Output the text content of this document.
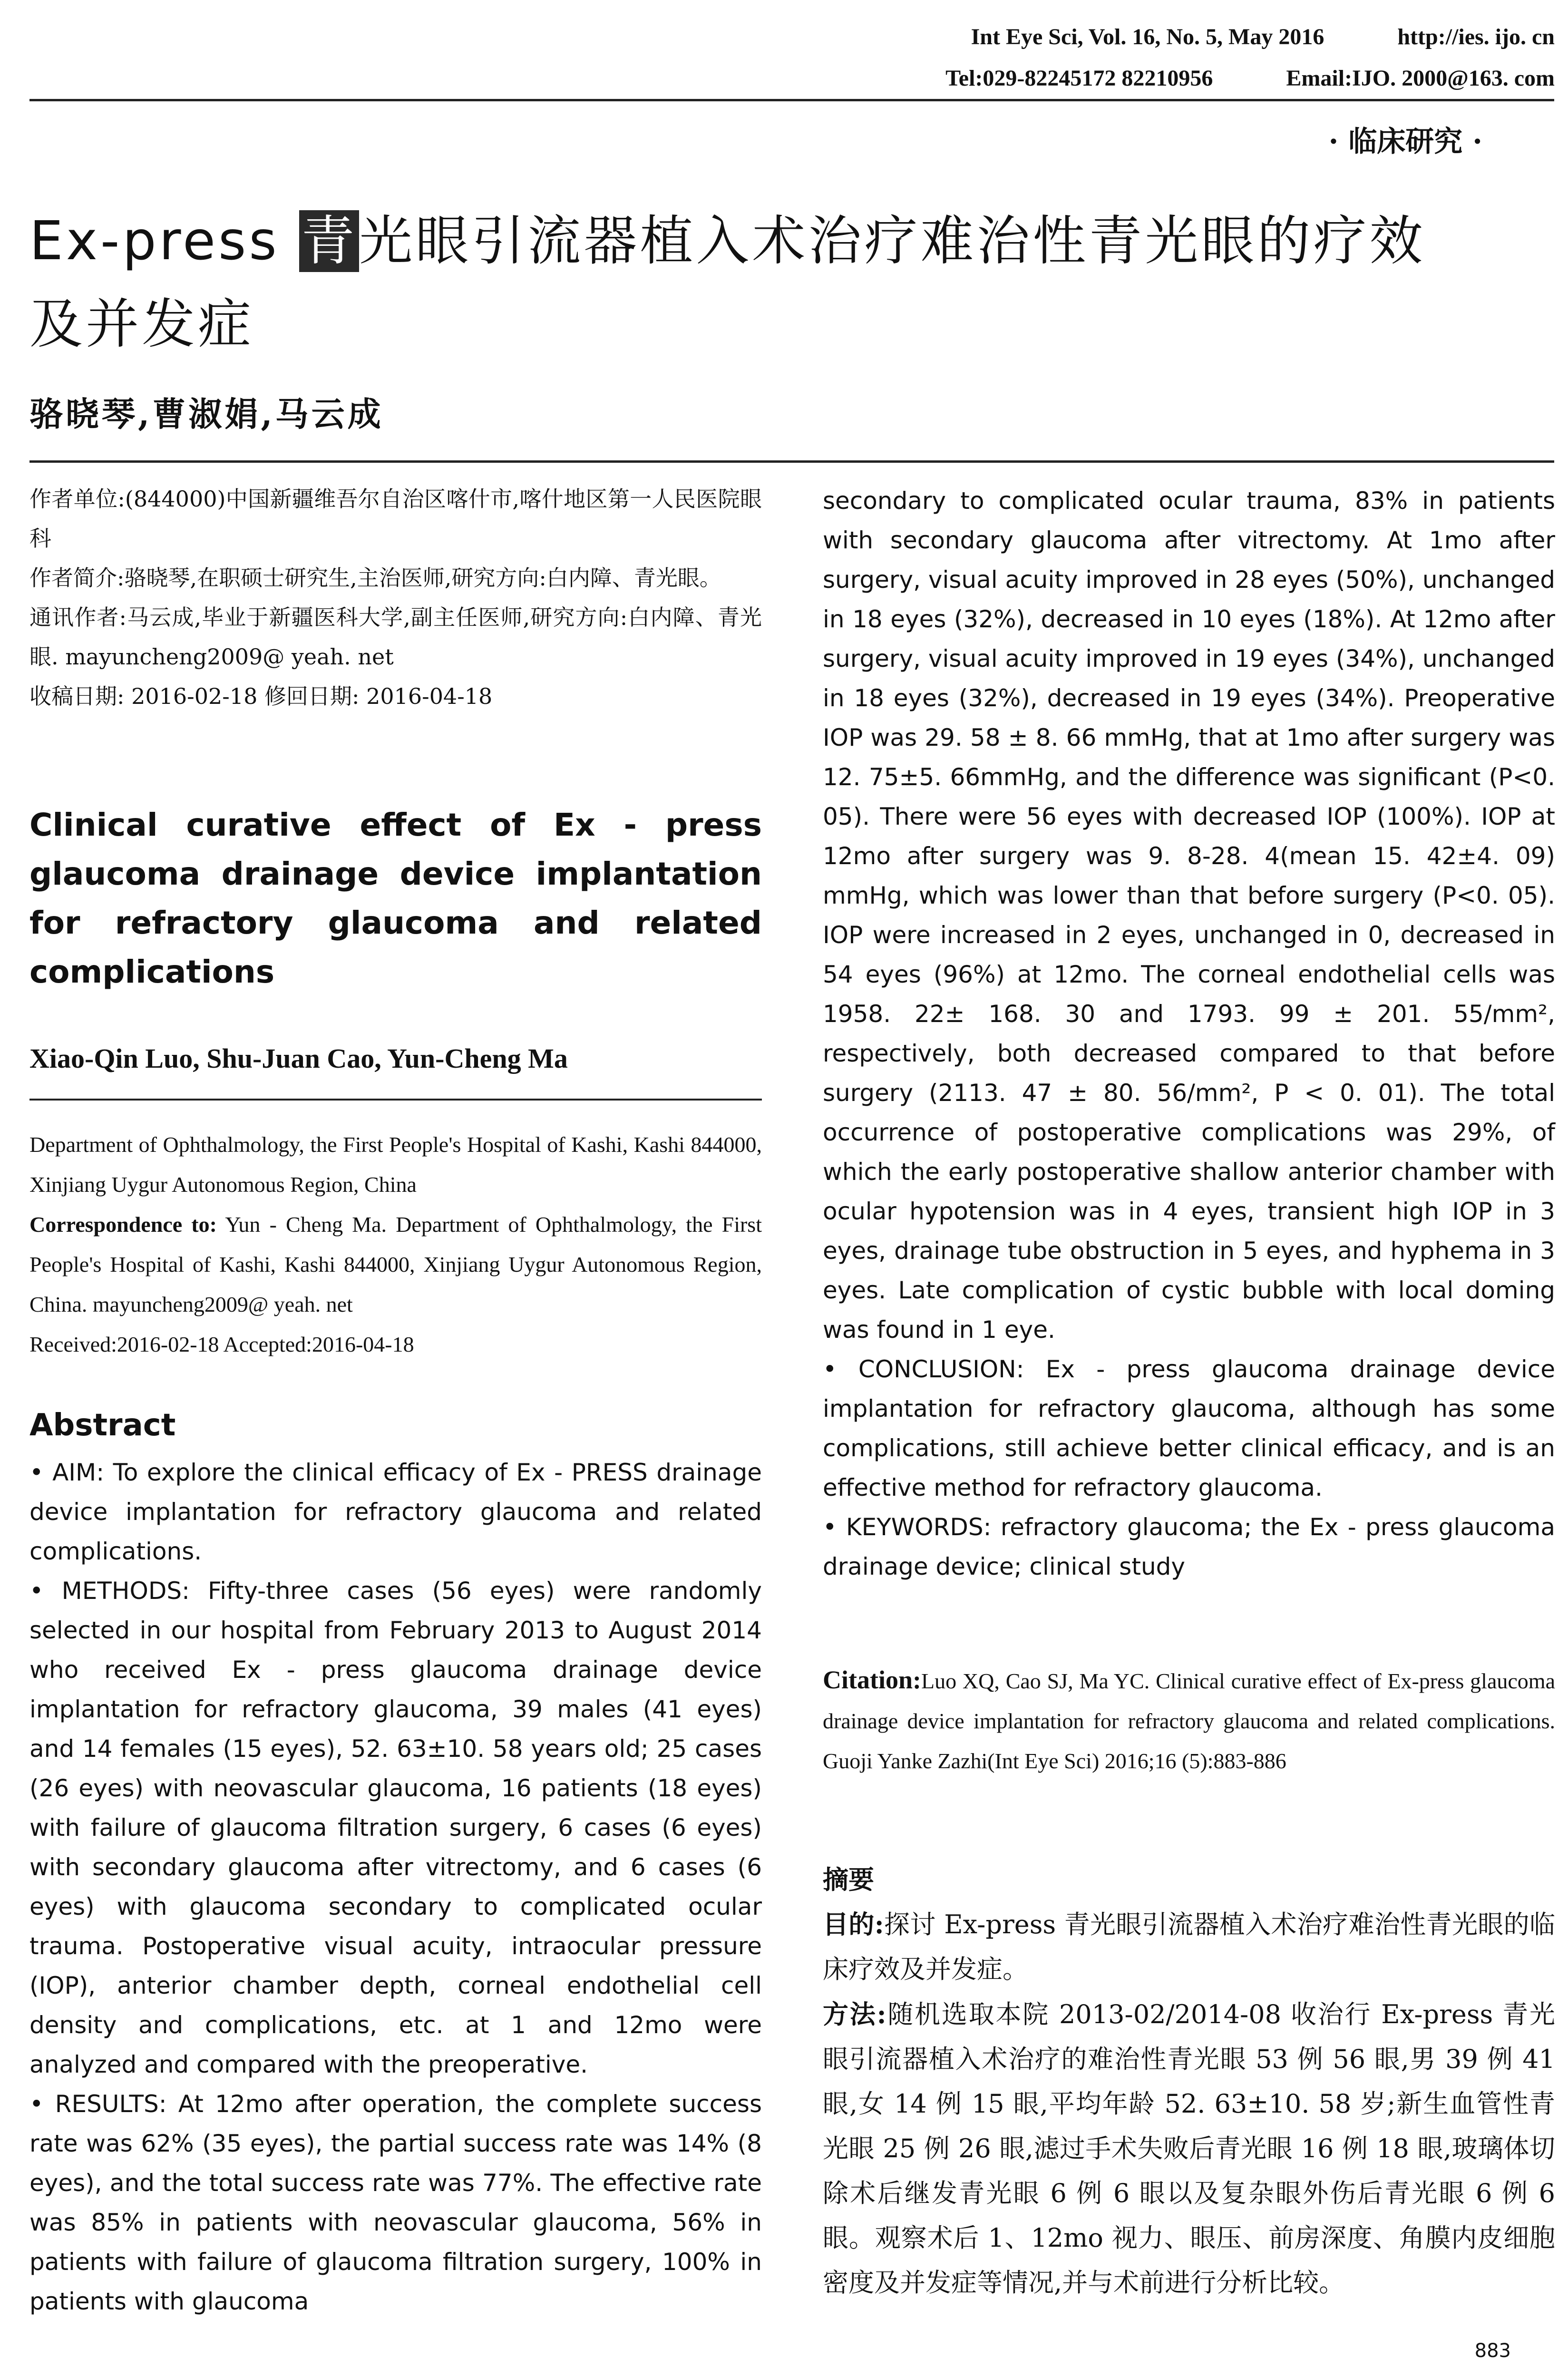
Int Eye Sci, Vol. 16, No. 5, May 2016	http://ies. ijo. cn
Tel:029-82245172 82210956	Email:IJO. 2000@163. com
· 临床研究 ·
Ex-press 青光眼引流器植入术治疗难治性青光眼的疗效
及并发症
骆晓琴,曹淑娟,马云成

作者单位:(844000)中国新疆维吾尔自治区喀什市,喀什地区第一人民医院眼科

作者简介:骆晓琴,在职硕士研究生,主治医师,研究方向:白内障、青光眼。

通讯作者:马云成,毕业于新疆医科大学,副主任医师,研究方向:白内障、青光眼. mayuncheng2009@ yeah. net

收稿日期: 2016-02-18 修回日期: 2016-04-18

Clinical curative effect of Ex - press glaucoma drainage device implantation for refractory glaucoma and related complications
Xiao-Qin Luo, Shu-Juan Cao, Yun-Cheng Ma

Department of Ophthalmology, the First People's Hospital of Kashi, Kashi 844000, Xinjiang Uygur Autonomous Region, China

Correspondence to: Yun - Cheng Ma. Department of Ophthalmology, the First People's Hospital of Kashi, Kashi 844000, Xinjiang Uygur Autonomous Region, China. mayuncheng2009@ yeah. net

Received:2016-02-18 Accepted:2016-04-18

Abstract

• AIM: To explore the clinical efficacy of Ex - PRESS drainage device implantation for refractory glaucoma and related complications.

• METHODS: Fifty-three cases (56 eyes) were randomly selected in our hospital from February 2013 to August 2014 who received Ex - press glaucoma drainage device implantation for refractory glaucoma, 39 males (41 eyes) and 14 females (15 eyes), 52. 63±10. 58 years old; 25 cases (26 eyes) with neovascular glaucoma, 16 patients (18 eyes) with failure of glaucoma filtration surgery, 6 cases (6 eyes) with secondary glaucoma after vitrectomy, and 6 cases (6 eyes) with glaucoma secondary to complicated ocular trauma. Postoperative visual acuity, intraocular pressure (IOP), anterior chamber depth, corneal endothelial cell density and complications, etc. at 1 and 12mo were analyzed and compared with the preoperative.

• RESULTS: At 12mo after operation, the complete success rate was 62% (35 eyes), the partial success rate was 14% (8 eyes), and the total success rate was 77%. The effective rate was 85% in patients with neovascular glaucoma, 56% in patients with failure of glaucoma filtration surgery, 100% in patients with glaucoma

secondary to complicated ocular trauma, 83% in patients with secondary glaucoma after vitrectomy. At 1mo after surgery, visual acuity improved in 28 eyes (50%), unchanged in 18 eyes (32%), decreased in 10 eyes (18%). At 12mo after surgery, visual acuity improved in 19 eyes (34%), unchanged in 18 eyes (32%), decreased in 19 eyes (34%). Preoperative IOP was 29. 58 ± 8. 66 mmHg, that at 1mo after surgery was 12. 75±5. 66mmHg, and the difference was significant (P<0. 05). There were 56 eyes with decreased IOP (100%). IOP at 12mo after surgery was 9. 8-28. 4(mean 15. 42±4. 09) mmHg, which was lower than that before surgery (P<0. 05). IOP were increased in 2 eyes, unchanged in 0, decreased in 54 eyes (96%) at 12mo. The corneal endothelial cells was 1958. 22± 168. 30 and 1793. 99 ± 201. 55/mm², respectively, both decreased compared to that before surgery (2113. 47 ± 80. 56/mm², P < 0. 01). The total occurrence of postoperative complications was 29%, of which the early postoperative shallow anterior chamber with ocular hypotension was in 4 eyes, transient high IOP in 3 eyes, drainage tube obstruction in 5 eyes, and hyphema in 3 eyes. Late complication of cystic bubble with local doming was found in 1 eye.

• CONCLUSION: Ex - press glaucoma drainage device implantation for refractory glaucoma, although has some complications, still achieve better clinical efficacy, and is an effective method for refractory glaucoma.

• KEYWORDS: refractory glaucoma; the Ex - press glaucoma drainage device; clinical study

Citation:Luo XQ, Cao SJ, Ma YC. Clinical curative effect of Ex-press glaucoma drainage device implantation for refractory glaucoma and related complications. Guoji Yanke Zazhi(Int Eye Sci) 2016;16 (5):883-886

摘要

目的:探讨 Ex-press 青光眼引流器植入术治疗难治性青光眼的临床疗效及并发症。

方法:随机选取本院 2013-02/2014-08 收治行 Ex-press 青光眼引流器植入术治疗的难治性青光眼 53 例 56 眼,男 39 例 41 眼,女 14 例 15 眼,平均年龄 52. 63±10. 58 岁;新生血管性青光眼 25 例 26 眼,滤过手术失败后青光眼 16 例 18 眼,玻璃体切除术后继发青光眼 6 例 6 眼以及复杂眼外伤后青光眼 6 例 6 眼。观察术后 1、12mo 视力、眼压、前房深度、角膜内皮细胞密度及并发症等情况,并与术前进行分析比较。

883
